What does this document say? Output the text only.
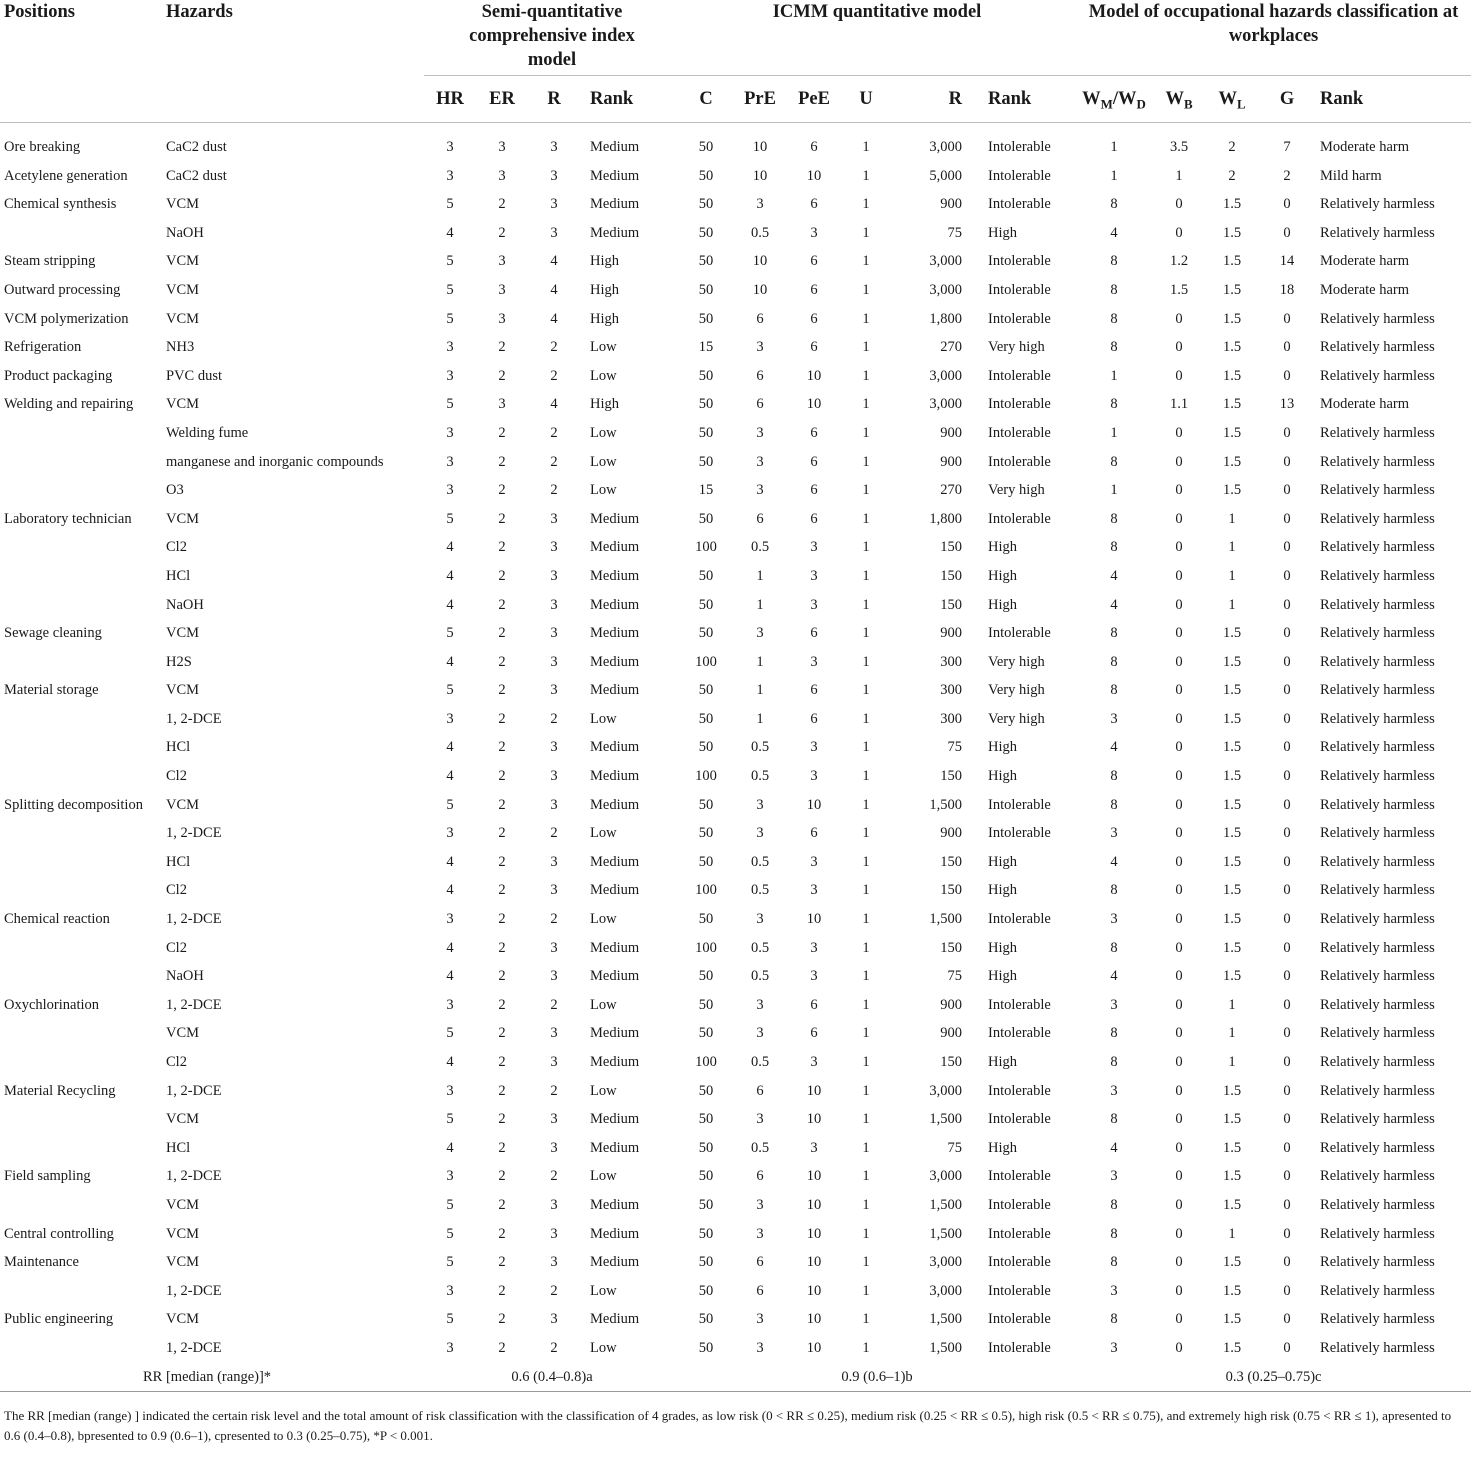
Positions	Hazards	Semi-quantitative comprehensive index model				ICMM quantitative model						Model of occupational hazards classification at workplaces				
		HR	ER	R	Rank	C	PrE	PeE	U	R	Rank	$W_M/W_D$	$W_B$	$W_L$	G	Rank

Ore breaking	CaC2 dust	3	3	3	Medium	50	10	6	1	3,000	Intolerable	1	3.5	2	7	Moderate harm
Acetylene generation	CaC2 dust	3	3	3	Medium	50	10	10	1	5,000	Intolerable	1	1	2	2	Mild harm
Chemical synthesis	VCM	5	2	3	Medium	50	3	6	1	900	Intolerable	8	0	1.5	0	Relatively harmless
	NaOH	4	2	3	Medium	50	0.5	3	1	75	High	4	0	1.5	0	Relatively harmless
Steam stripping	VCM	5	3	4	High	50	10	6	1	3,000	Intolerable	8	1.2	1.5	14	Moderate harm
Outward processing	VCM	5	3	4	High	50	10	6	1	3,000	Intolerable	8	1.5	1.5	18	Moderate harm
VCM polymerization	VCM	5	3	4	High	50	6	6	1	1,800	Intolerable	8	0	1.5	0	Relatively harmless
Refrigeration	NH3	3	2	2	Low	15	3	6	1	270	Very high	8	0	1.5	0	Relatively harmless
Product packaging	PVC dust	3	2	2	Low	50	6	10	1	3,000	Intolerable	1	0	1.5	0	Relatively harmless
Welding and repairing	VCM	5	3	4	High	50	6	10	1	3,000	Intolerable	8	1.1	1.5	13	Moderate harm
	Welding fume	3	2	2	Low	50	3	6	1	900	Intolerable	1	0	1.5	0	Relatively harmless
	manganese and inorganic compounds	3	2	2	Low	50	3	6	1	900	Intolerable	8	0	1.5	0	Relatively harmless
	O3	3	2	2	Low	15	3	6	1	270	Very high	1	0	1.5	0	Relatively harmless
Laboratory technician	VCM	5	2	3	Medium	50	6	6	1	1,800	Intolerable	8	0	1	0	Relatively harmless
	Cl2	4	2	3	Medium	100	0.5	3	1	150	High	8	0	1	0	Relatively harmless
	HCl	4	2	3	Medium	50	1	3	1	150	High	4	0	1	0	Relatively harmless
	NaOH	4	2	3	Medium	50	1	3	1	150	High	4	0	1	0	Relatively harmless
Sewage cleaning	VCM	5	2	3	Medium	50	3	6	1	900	Intolerable	8	0	1.5	0	Relatively harmless
	H2S	4	2	3	Medium	100	1	3	1	300	Very high	8	0	1.5	0	Relatively harmless
Material storage	VCM	5	2	3	Medium	50	1	6	1	300	Very high	8	0	1.5	0	Relatively harmless
	1, 2-DCE	3	2	2	Low	50	1	6	1	300	Very high	3	0	1.5	0	Relatively harmless
	HCl	4	2	3	Medium	50	0.5	3	1	75	High	4	0	1.5	0	Relatively harmless
	Cl2	4	2	3	Medium	100	0.5	3	1	150	High	8	0	1.5	0	Relatively harmless
Splitting decomposition	VCM	5	2	3	Medium	50	3	10	1	1,500	Intolerable	8	0	1.5	0	Relatively harmless
	1, 2-DCE	3	2	2	Low	50	3	6	1	900	Intolerable	3	0	1.5	0	Relatively harmless
	HCl	4	2	3	Medium	50	0.5	3	1	150	High	4	0	1.5	0	Relatively harmless
	Cl2	4	2	3	Medium	100	0.5	3	1	150	High	8	0	1.5	0	Relatively harmless
Chemical reaction	1, 2-DCE	3	2	2	Low	50	3	10	1	1,500	Intolerable	3	0	1.5	0	Relatively harmless
	Cl2	4	2	3	Medium	100	0.5	3	1	150	High	8	0	1.5	0	Relatively harmless
	NaOH	4	2	3	Medium	50	0.5	3	1	75	High	4	0	1.5	0	Relatively harmless
Oxychlorination	1, 2-DCE	3	2	2	Low	50	3	6	1	900	Intolerable	3	0	1	0	Relatively harmless
	VCM	5	2	3	Medium	50	3	6	1	900	Intolerable	8	0	1	0	Relatively harmless
	Cl2	4	2	3	Medium	100	0.5	3	1	150	High	8	0	1	0	Relatively harmless
Material Recycling	1, 2-DCE	3	2	2	Low	50	6	10	1	3,000	Intolerable	3	0	1.5	0	Relatively harmless
	VCM	5	2	3	Medium	50	3	10	1	1,500	Intolerable	8	0	1.5	0	Relatively harmless
	HCl	4	2	3	Medium	50	0.5	3	1	75	High	4	0	1.5	0	Relatively harmless
Field sampling	1, 2-DCE	3	2	2	Low	50	6	10	1	3,000	Intolerable	3	0	1.5	0	Relatively harmless
	VCM	5	2	3	Medium	50	3	10	1	1,500	Intolerable	8	0	1.5	0	Relatively harmless
Central controlling	VCM	5	2	3	Medium	50	3	10	1	1,500	Intolerable	8	0	1	0	Relatively harmless
Maintenance	VCM	5	2	3	Medium	50	6	10	1	3,000	Intolerable	8	0	1.5	0	Relatively harmless
	1, 2-DCE	3	2	2	Low	50	6	10	1	3,000	Intolerable	3	0	1.5	0	Relatively harmless
Public engineering	VCM	5	2	3	Medium	50	3	10	1	1,500	Intolerable	8	0	1.5	0	Relatively harmless
	1, 2-DCE	3	2	2	Low	50	3	10	1	1,500	Intolerable	3	0	1.5	0	Relatively harmless
RR [median (range)]*		0.6 (0.4–0.8)a				0.9 (0.6–1)b						0.3 (0.25–0.75)c				
The RR [median (range) ] indicated the certain risk level and the total amount of risk classification with the classification of 4 grades, as low risk (0 < RR ≤ 0.25), medium risk (0.25 < RR ≤ 0.5), high risk (0.5 < RR ≤ 0.75), and extremely high risk (0.75 < RR ≤ 1), apresented to 0.6 (0.4–0.8), bpresented to 0.9 (0.6–1), cpresented to 0.3 (0.25–0.75), *P < 0.001.
